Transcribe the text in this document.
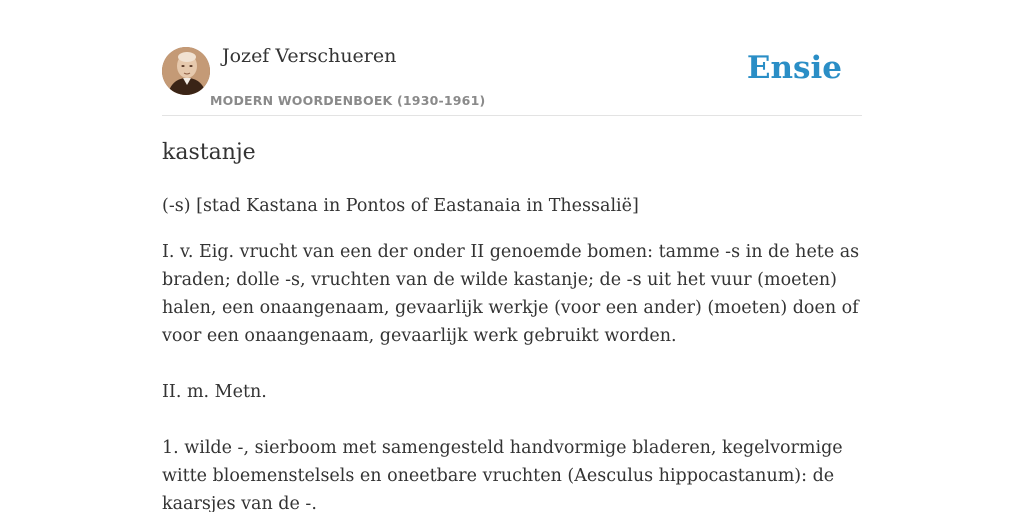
Jozef Verschueren
MODERN WOORDENBOEK (1930-1961)
Ensie
kastanje

(-s) [stad Kastana in Pontos of Eastanaia in Thessalië]

I. v. Eig. vrucht van een der onder II genoemde bomen: tamme -s in de hete as braden; dolle -s, vruchten van de wilde kastanje; de -s uit het vuur (moeten) halen, een onaangenaam, gevaarlijk werkje (voor een ander) (moeten) doen of voor een onaangenaam, gevaarlijk werk gebruikt worden.

II. m. Metn.

1. wilde -, sierboom met samengesteld handvormige bladeren, kegelvormige witte bloemenstelsels en oneetbare vruchten (Aesculus hippocastanum): de kaarsjes van de -.
